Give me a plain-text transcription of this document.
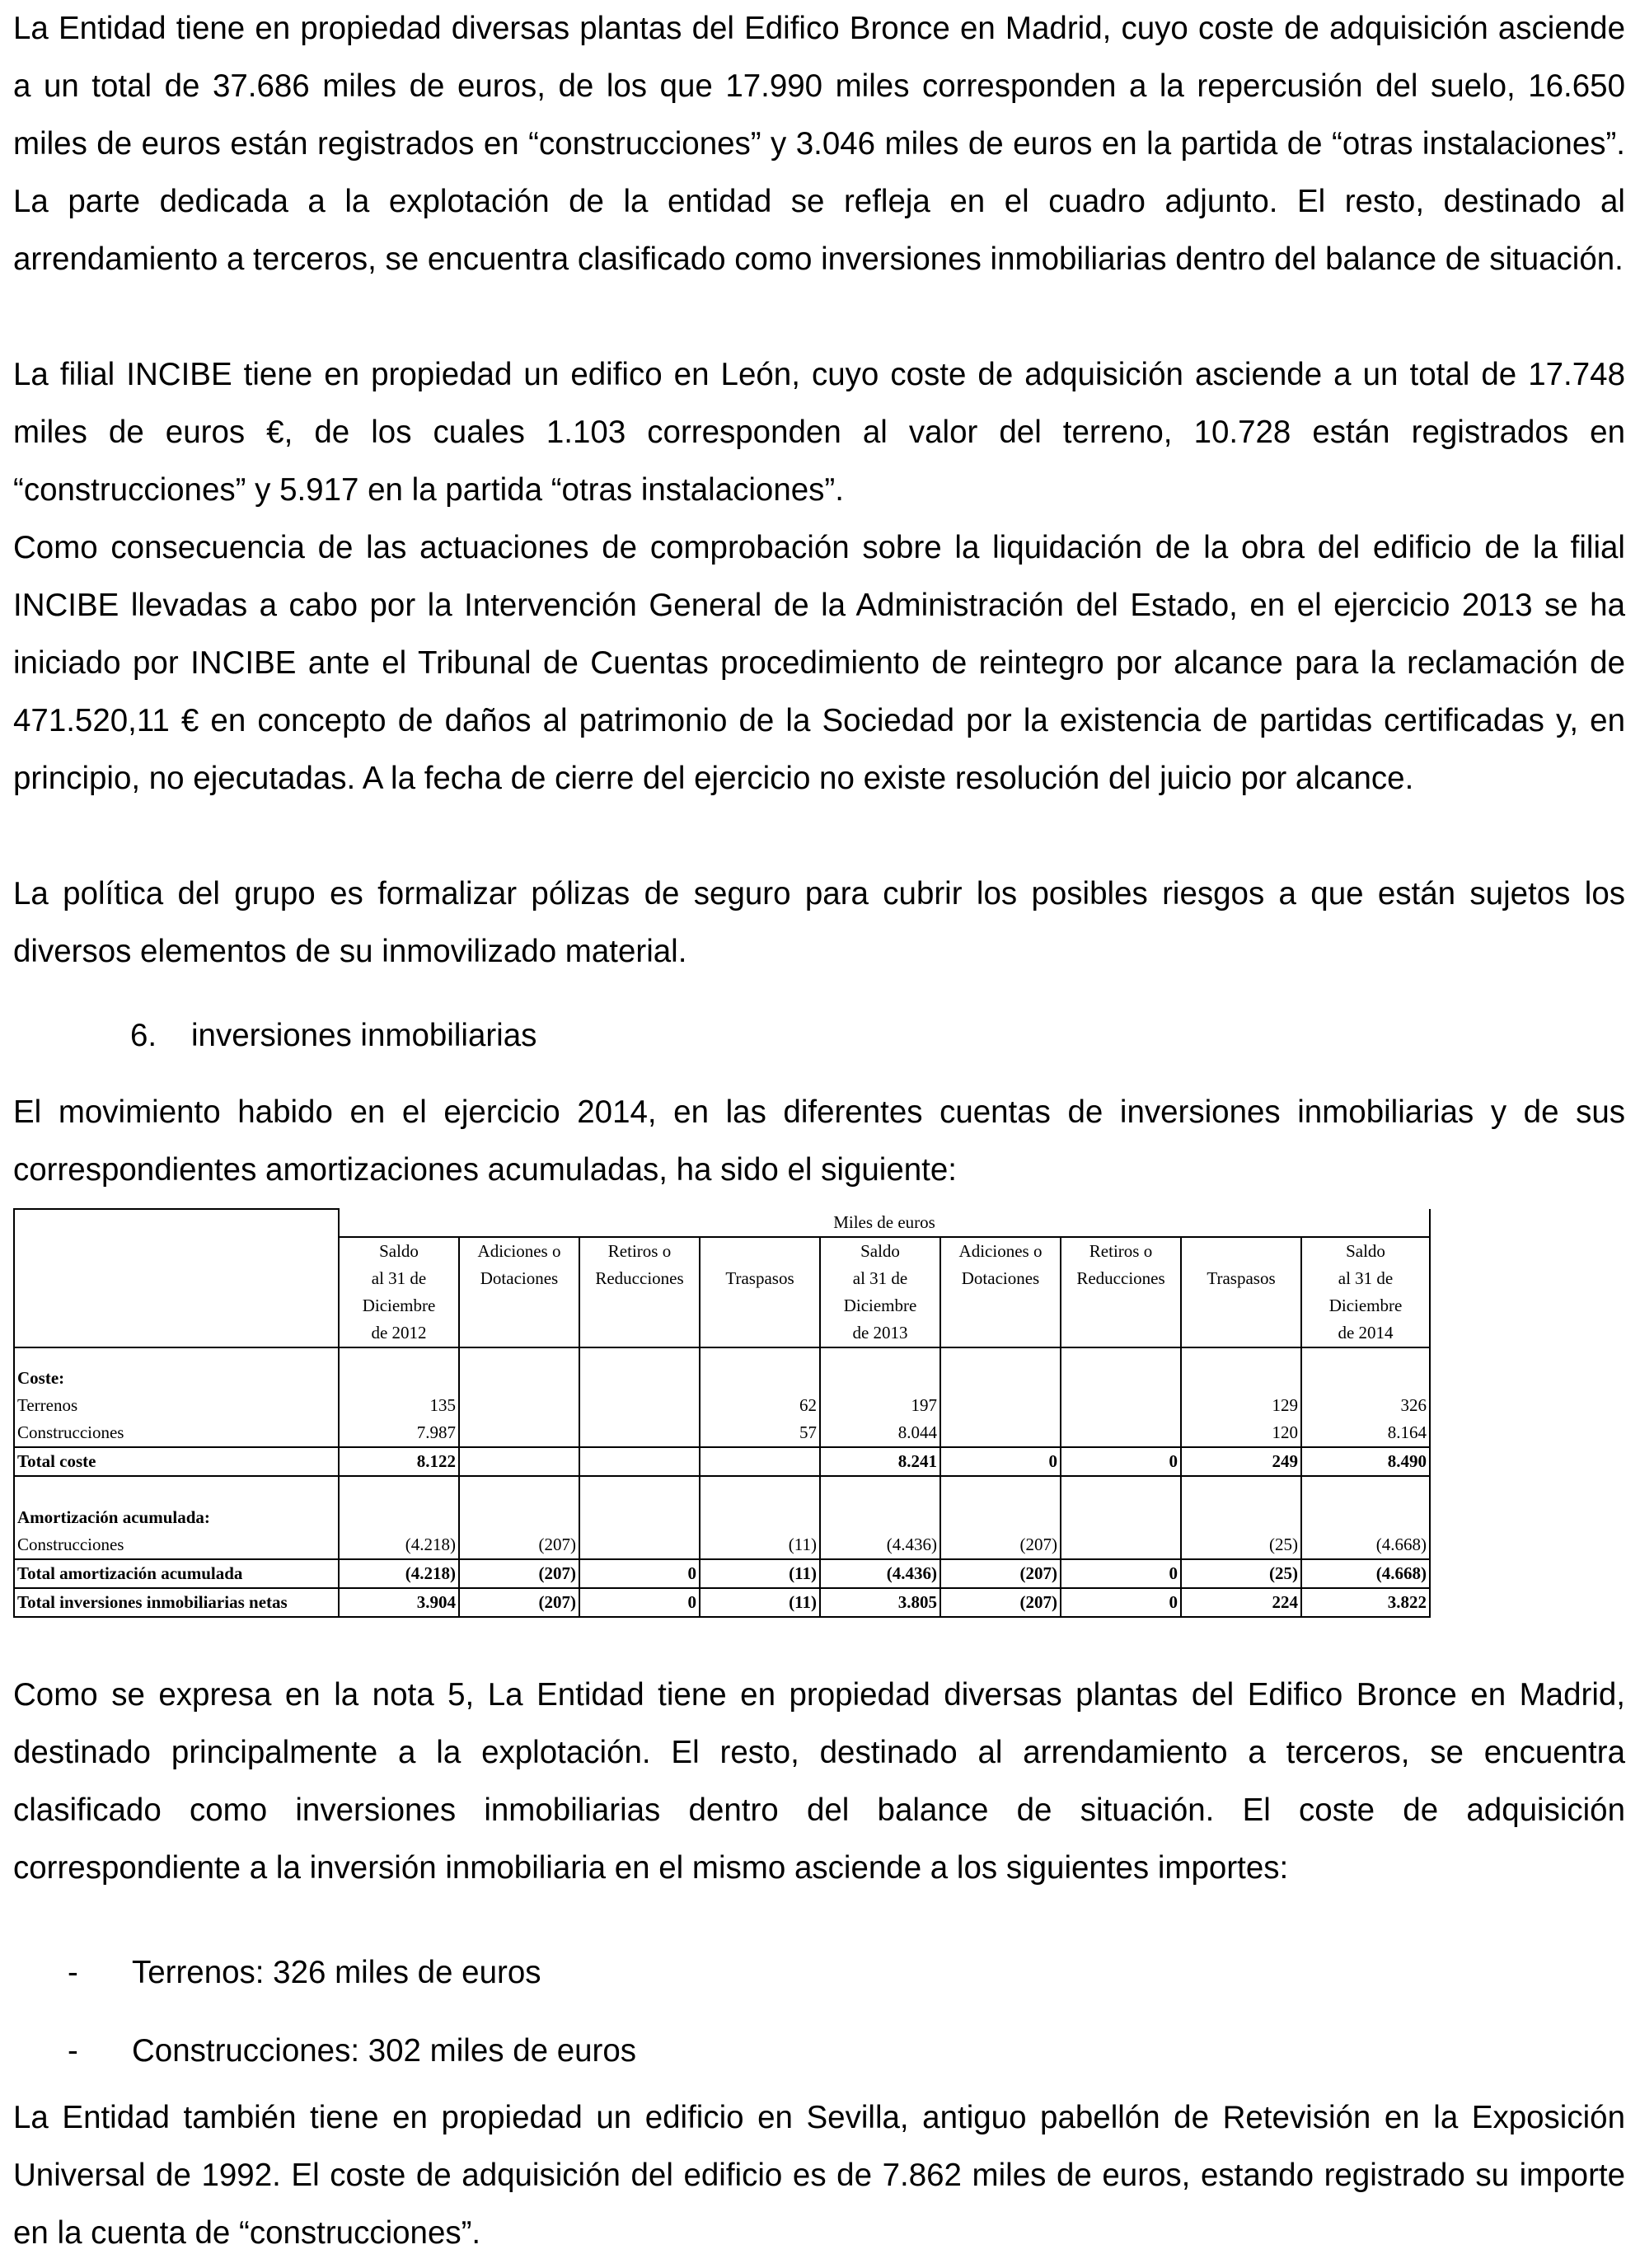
La Entidad tiene en propiedad diversas plantas del Edifico Bronce en Madrid, cuyo coste de adquisición asciende a un total de 37.686 miles de euros, de los que 17.990 miles corresponden a la repercusión del suelo, 16.650 miles de euros están registrados en “construcciones” y 3.046 miles de euros en la partida de “otras instalaciones”. La parte dedicada a la explotación de la entidad se refleja en el cuadro adjunto. El resto, destinado al arrendamiento a terceros, se encuentra clasificado como inversiones inmobiliarias dentro del balance de situación.

La filial INCIBE tiene en propiedad un edifico en León, cuyo coste de adquisición asciende a un total de 17.748 miles de euros €, de los cuales 1.103 corresponden al valor del terreno, 10.728 están registrados en “construcciones” y 5.917 en la partida “otras instalaciones”.

Como consecuencia de las actuaciones de comprobación sobre la liquidación de la obra del edificio de la filial INCIBE llevadas a cabo por la Intervención General de la Administración del Estado, en el ejercicio 2013 se ha iniciado por INCIBE ante el Tribunal de Cuentas procedimiento de reintegro por alcance para la reclamación de 471.520,11 € en concepto de daños al patrimonio de la Sociedad por la existencia de partidas certificadas y, en principio, no ejecutadas. A la fecha de cierre del ejercicio no existe resolución del juicio por alcance.

La política del grupo es formalizar pólizas de seguro para cubrir los posibles riesgos a que están sujetos los diversos elementos de su inmovilizado material.

6. inversiones inmobiliarias

El movimiento habido en el ejercicio 2014, en las diferentes cuentas de inversiones inmobiliarias y de sus correspondientes amortizaciones acumuladas, ha sido el siguiente:

	Miles de euros								
	Saldo
al 31 de
Diciembre
de 2012	Adiciones o
Dotaciones	Retiros o
Reducciones	Traspasos	Saldo
al 31 de
Diciembre
de 2013	Adiciones o
Dotaciones	Retiros o
Reducciones	Traspasos	Saldo
al 31 de
Diciembre
de 2014

Coste:									
Terrenos	135			62	197			129	326
Construcciones	7.987			57	8.044			120	8.164
Total coste	8.122				8.241	0	0	249	8.490

Amortización acumulada:									
Construcciones	(4.218)	(207)		(11)	(4.436)	(207)		(25)	(4.668)
Total amortización acumulada	(4.218)	(207)	0	(11)	(4.436)	(207)	0	(25)	(4.668)
Total inversiones inmobiliarias netas	3.904	(207)	0	(11)	3.805	(207)	0	224	3.822

Como se expresa en la nota 5, La Entidad tiene en propiedad diversas plantas del Edifico Bronce en Madrid, destinado principalmente a la explotación. El resto, destinado al arrendamiento a terceros, se encuentra clasificado como inversiones inmobiliarias dentro del balance de situación. El coste de adquisición correspondiente a la inversión inmobiliaria en el mismo asciende a los siguientes importes:

-	Terrenos: 326 miles de euros
-	Construcciones: 302 miles de euros

La Entidad también tiene en propiedad un edificio en Sevilla, antiguo pabellón de Retevisión en la Exposición Universal de 1992. El coste de adquisición del edificio es de 7.862 miles de euros, estando registrado su importe en la cuenta de “construcciones”.
